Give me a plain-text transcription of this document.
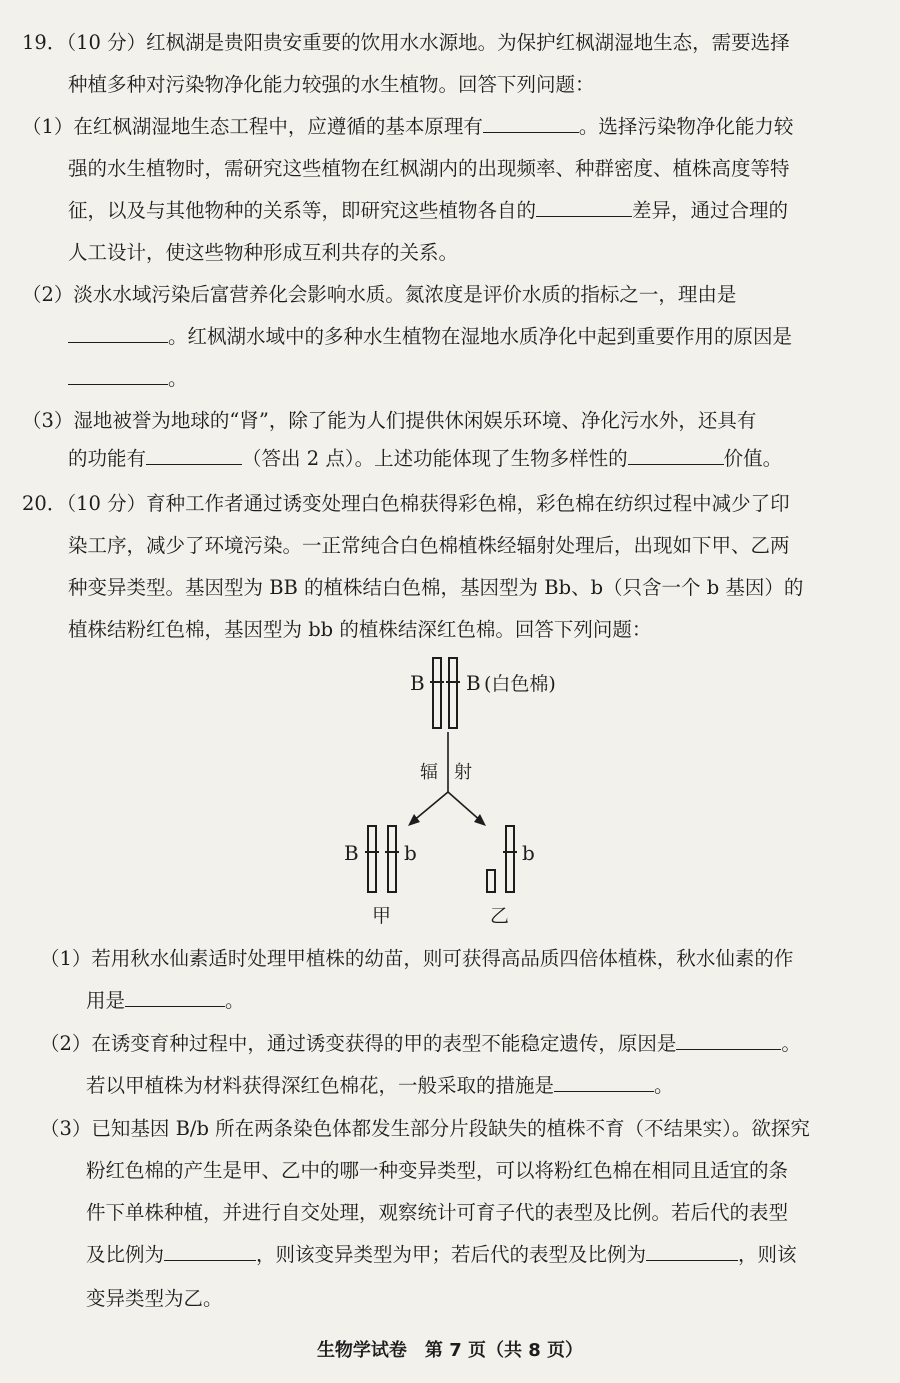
19．（10 分）红枫湖是贵阳贵安重要的饮用水水源地。为保护红枫湖湿地生态，需要选择
种植多种对污染物净化能力较强的水生植物。回答下列问题：
（1）在红枫湖湿地生态工程中，应遵循的基本原理有	。选择污染物净化能力较
强的水生植物时，需研究这些植物在红枫湖内的出现频率、种群密度、植株高度等特
征，以及与其他物种的关系等，即研究这些植物各自的	差异，通过合理的
人工设计，使这些物种形成互利共存的关系。
（2）淡水水域污染后富营养化会影响水质。氮浓度是评价水质的指标之一，理由是
。红枫湖水域中的多种水生植物在湿地水质净化中起到重要作用的原因是
。
（3）湿地被誉为地球的“肾”，除了能为人们提供休闲娱乐环境、净化污水外，还具有
的功能有	（答出 2 点）。上述功能体现了生物多样性的	价值。
20．（10 分）育种工作者通过诱变处理白色棉获得彩色棉，彩色棉在纺织过程中减少了印
染工序，减少了环境污染。一正常纯合白色棉植株经辐射处理后，出现如下甲、乙两
种变异类型。基因型为 BB 的植株结白色棉，基因型为 Bb、b（只含一个 b 基因）的
植株结粉红色棉，基因型为 bb 的植株结深红色棉。回答下列问题：
B B (白色棉)
辐 射
B b
甲
b
乙
（1）若用秋水仙素适时处理甲植株的幼苗，则可获得高品质四倍体植株，秋水仙素的作
用是	。
（2）在诱变育种过程中，通过诱变获得的甲的表型不能稳定遗传，原因是	。
若以甲植株为材料获得深红色棉花，一般采取的措施是	。
（3）已知基因 B/b 所在两条染色体都发生部分片段缺失的植株不育（不结果实）。欲探究
粉红色棉的产生是甲、乙中的哪一种变异类型，可以将粉红色棉在相同且适宜的条
件下单株种植，并进行自交处理，观察统计可育子代的表型及比例。若后代的表型
及比例为	，则该变异类型为甲；若后代的表型及比例为	，则该
变异类型为乙。
生物学试卷　第 7 页（共 8 页）
